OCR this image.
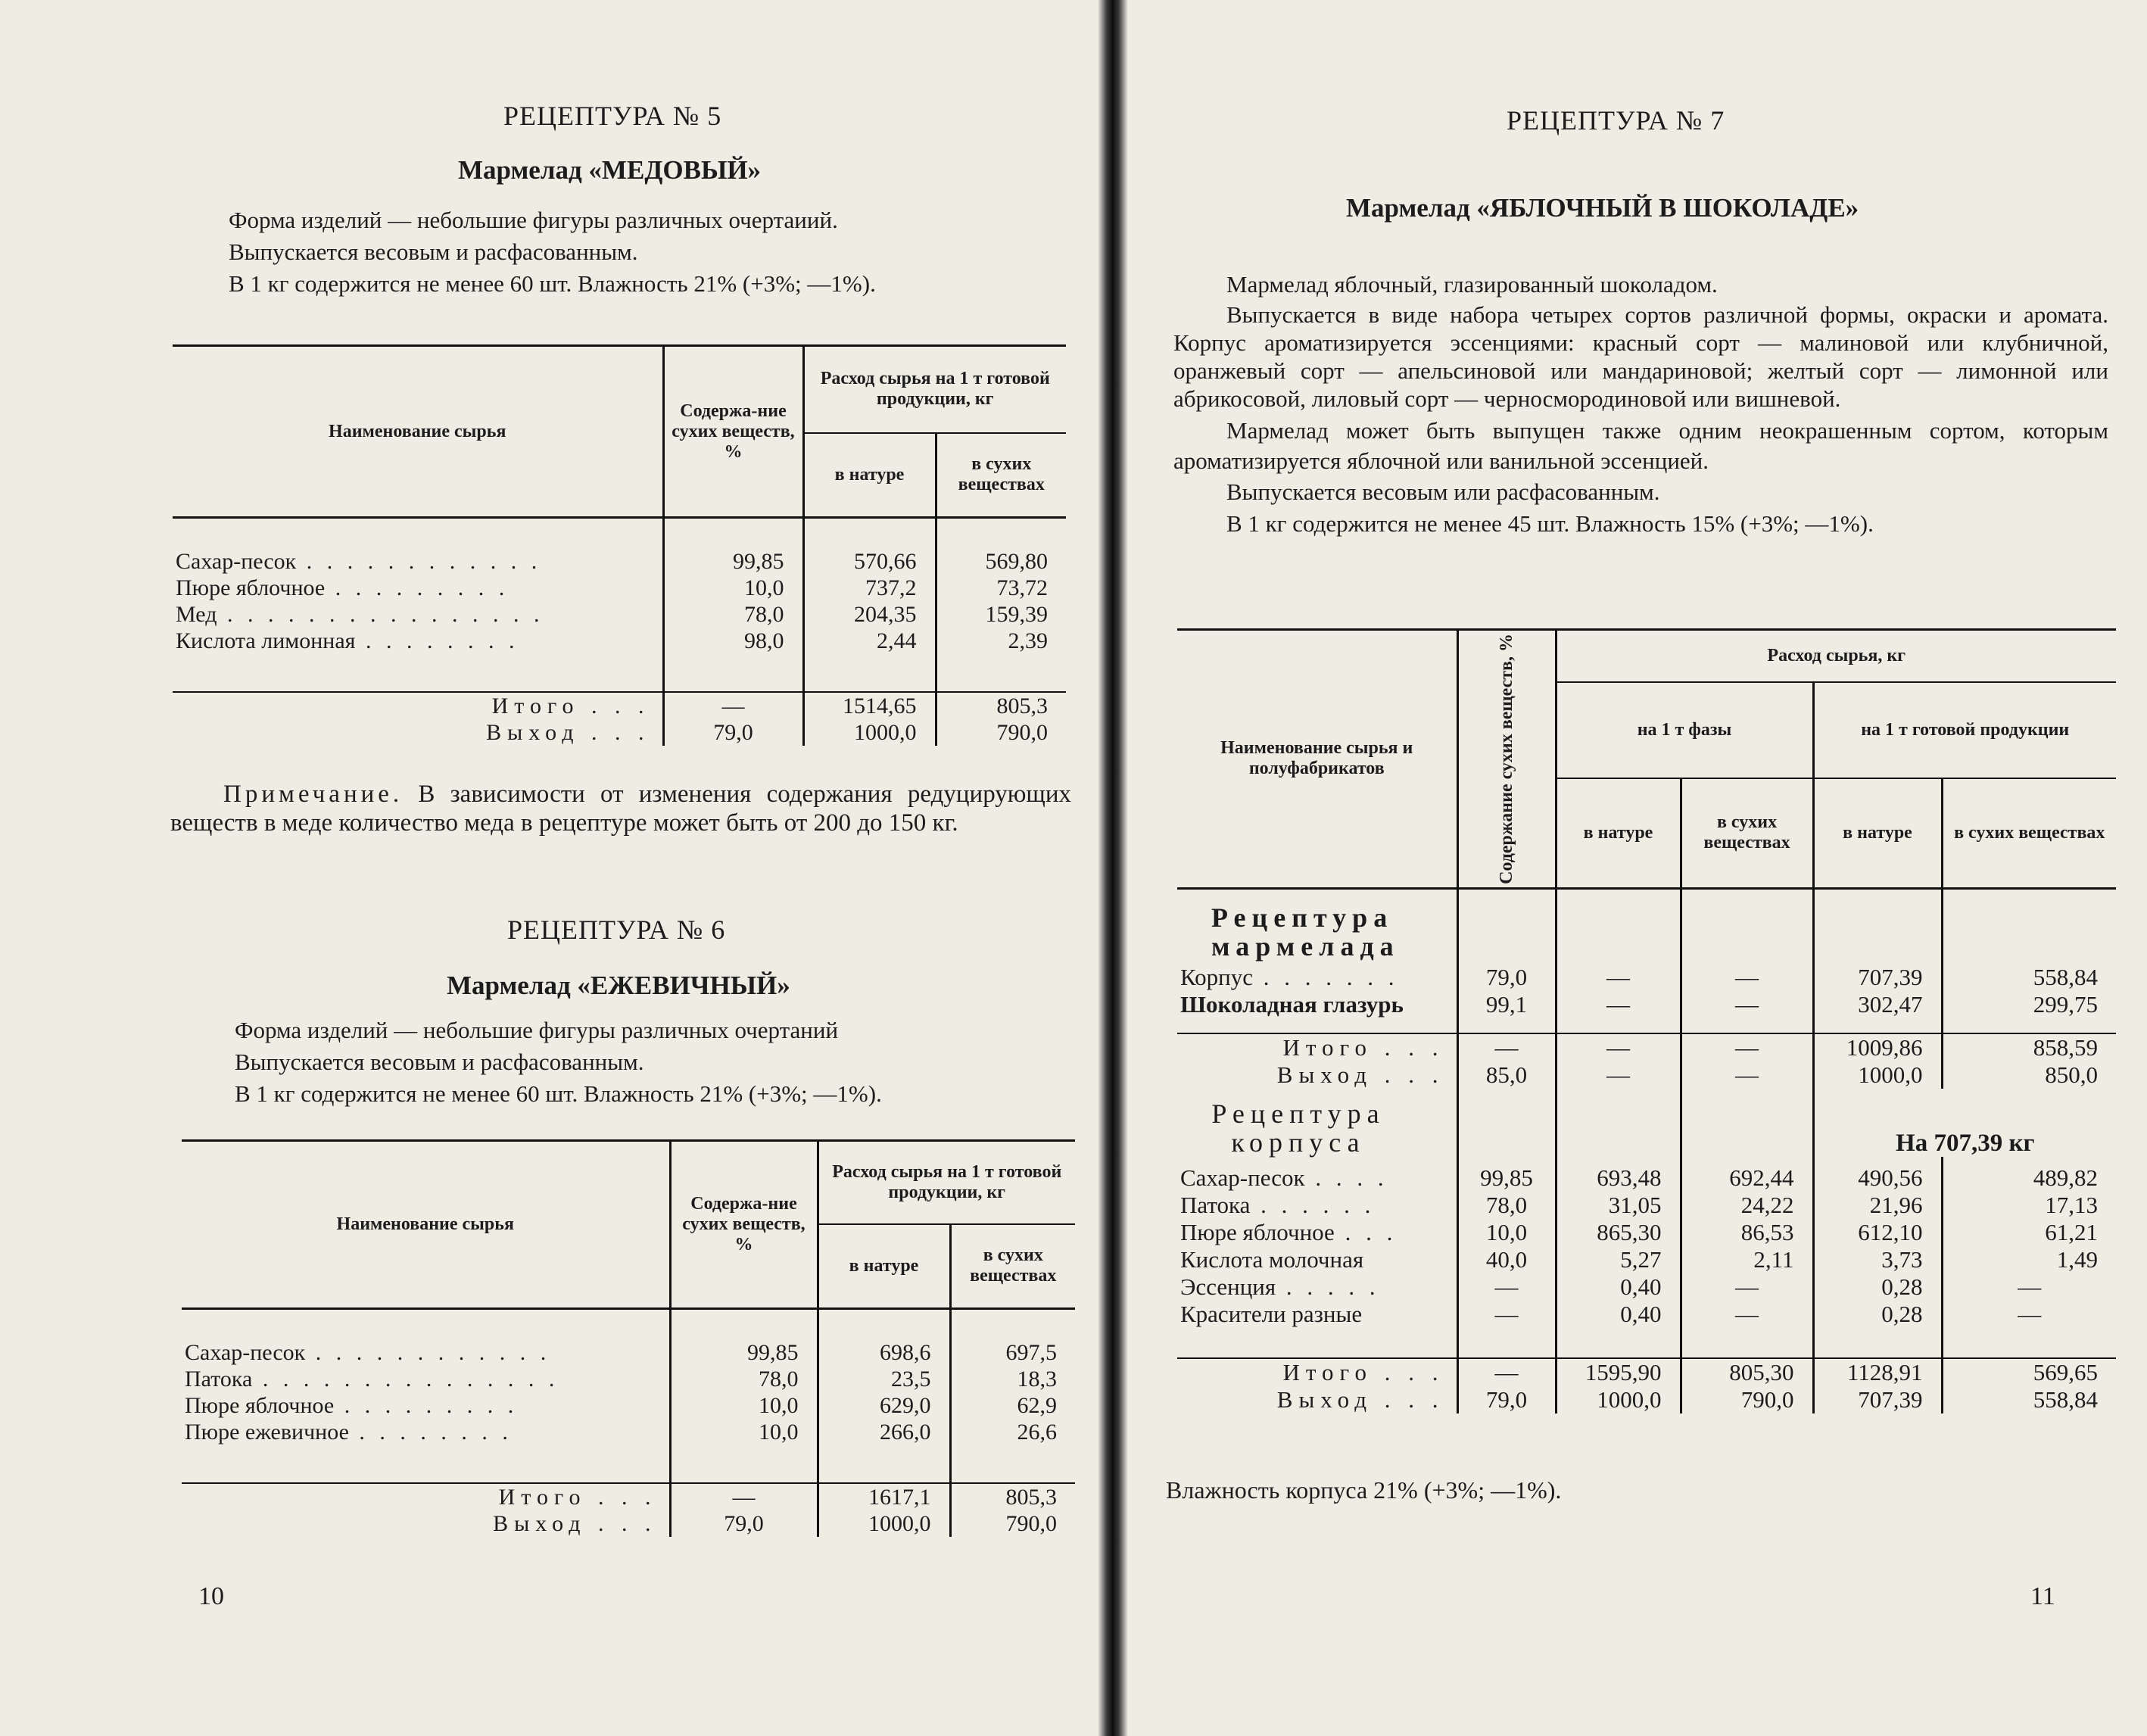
РЕЦЕПТУРА № 5
Мармелад «МЕДОВЫЙ»

Форма изделий — небольшие фигуры различных очертаиий.

Выпускается весовым и расфасованным.

В 1 кг содержится не менее 60 шт. Влажность 21% (+3%; —1%).

Наименование сырья	Содержа-ние сухих веществ, %	Расход сырья на 1 т готовой продукции, кг	
		в натуре	в сухих веществах

Сахар-песок . . . . . . . . . . . .	99,85	570,66	569,80
Пюре яблочное . . . . . . . . .	10,0	737,2	73,72
Мед . . . . . . . . . . . . . . . .	78,0	204,35	159,39
Кислота лимонная . . . . . . . .	98,0	2,44	2,39

Итого . . .	—	1514,65	805,3
Выход . . .	79,0	1000,0	790,0
Примечание. В зависимости от изменения содержания редуцирующих веществ в меде количество меда в рецептуре может быть от 200 до 150 кг.
РЕЦЕПТУРА № 6
Мармелад «ЕЖЕВИЧНЫЙ»

Форма изделий — небольшие фигуры различных очертаний

Выпускается весовым и расфасованным.

В 1 кг содержится не менее 60 шт. Влажность 21% (+3%; —1%).

Наименование сырья	Содержа-ние сухих веществ, %	Расход сырья на 1 т готовой продукции, кг	
		в натуре	в сухих веществах

Сахар-песок . . . . . . . . . . . .	99,85	698,6	697,5
Патока . . . . . . . . . . . . . . .	78,0	23,5	18,3
Пюре яблочное . . . . . . . . .	10,0	629,0	62,9
Пюре ежевичное . . . . . . . .	10,0	266,0	26,6

Итого . . .	—	1617,1	805,3
Выход . . .	79,0	1000,0	790,0
10
РЕЦЕПТУРА № 7
Мармелад «ЯБЛОЧНЫЙ В ШОКОЛАДЕ»

Мармелад яблочный, глазированный шоколадом.

Выпускается в виде набора четырех сортов различной формы, окраски и аромата. Корпус ароматизируется эссенциями: красный сорт — малиновой или клубничной, оранжевый сорт — апельсиновой или мандариновой; желтый сорт — лимонной или абрикосовой, лиловый сорт — черносмородиновой или вишневой.

Мармелад может быть выпущен также одним неокрашенным сортом, которым ароматизируется яблочной или ванильной эссенцией.

Выпускается весовым или расфасованным.

В 1 кг содержится не менее 45 шт. Влажность 15% (+3%; —1%).

Наименование сырья и полуфабрикатов	Содержание сухих веществ, %	Расход сырья, кг			
		на 1 т фазы		на 1 т готовой продукции	
		в натуре	в сухих веществах	в натуре	в сухих веществах

Рецептура мармелада					

Корпус . . . . . . .	79,0	—	—	707,39	558,84
Шоколадная глазурь	99,1	—	—	302,47	299,75

Итого . . .	—	—	—	1009,86	858,59
Выход . . .	85,0	—	—	1000,0	850,0

Рецептура корпуса				На 707,39 кг	

Сахар-песок . . . .	99,85	693,48	692,44	490,56	489,82
Патока . . . . . .	78,0	31,05	24,22	21,96	17,13
Пюре яблочное . . .	10,0	865,30	86,53	612,10	61,21
Кислота молочная	40,0	5,27	2,11	3,73	1,49
Эссенция . . . . .	—	0,40	—	0,28	—
Красители разные	—	0,40	—	0,28	—

Итого . . .	—	1595,90	805,30	1128,91	569,65
Выход . . .	79,0	1000,0	790,0	707,39	558,84
Влажность корпуса 21% (+3%; —1%).
11
